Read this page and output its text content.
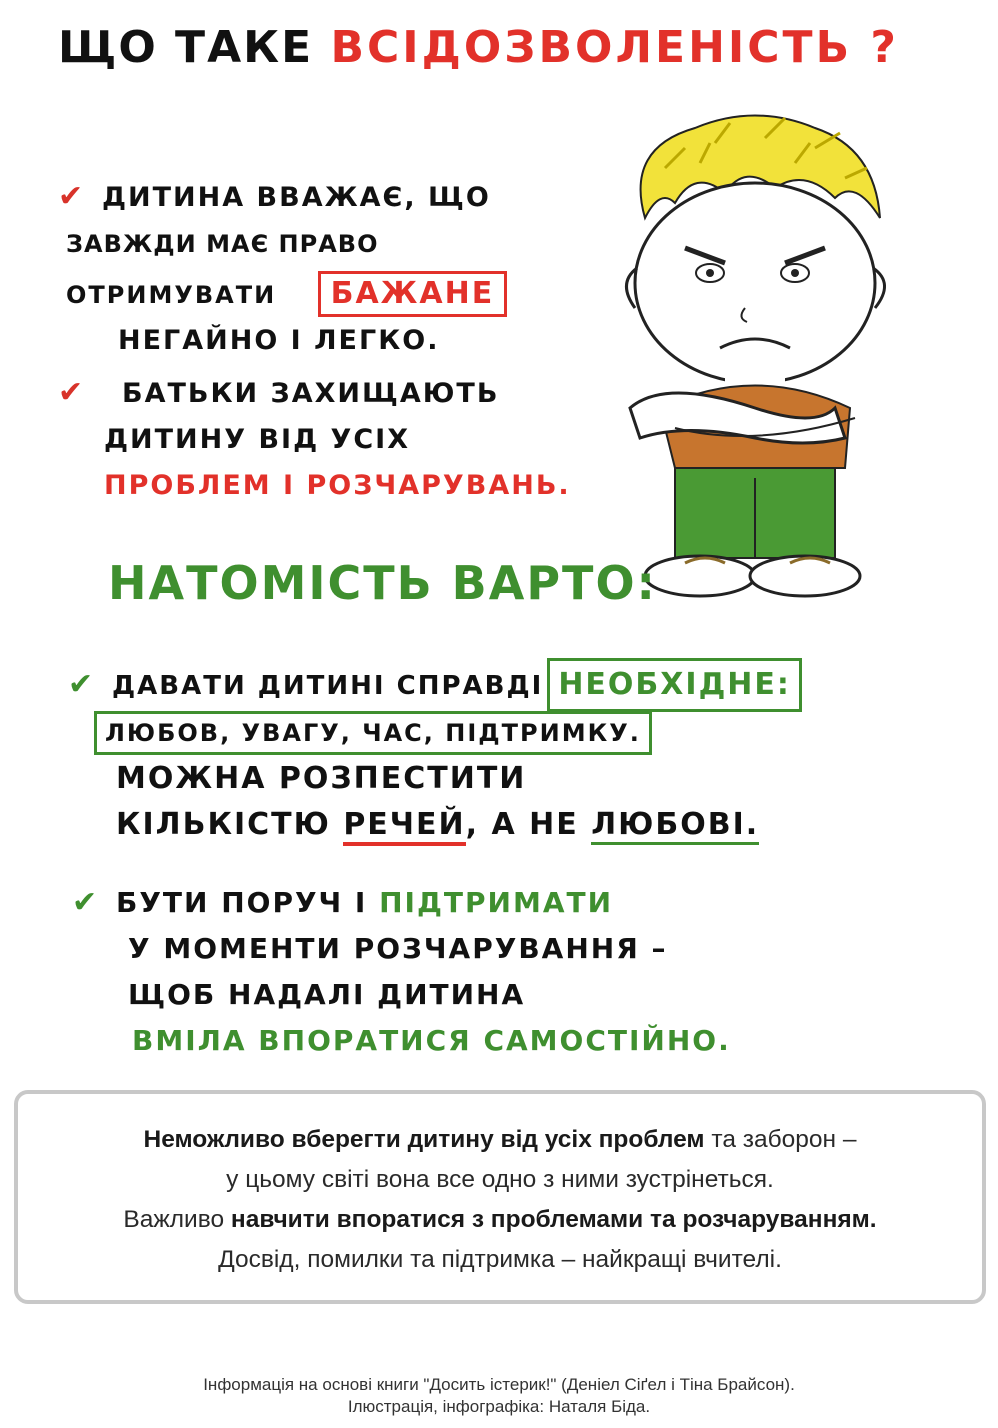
ЩО ТАКЕ ВСІДОЗВОЛЕНІСТЬ ?
✔ ДИТИНА ВВАЖАЄ, ЩО
ЗАВЖДИ МАЄ ПРАВО
ОТРИМУВАТИ БАЖАНЕ
НЕГАЙНО І ЛЕГКО.
✔ БАТЬКИ ЗАХИЩАЮТЬ
ДИТИНУ ВІД УСІХ
ПРОБЛЕМ І РОЗЧАРУВАНЬ.
НАТОМІСТЬ ВАРТО:
✔ ДАВАТИ ДИТИНІ СПРАВДІ НЕОБХІДНЕ:
ЛЮБОВ, УВАГУ, ЧАС, ПІДТРИМКУ.
МОЖНА РОЗПЕСТИТИ
КІЛЬКІСТЮ РЕЧЕЙ, А НЕ ЛЮБОВІ.
✔ БУТИ ПОРУЧ І ПІДТРИМАТИ
У МОМЕНТИ РОЗЧАРУВАННЯ –
ЩОБ НАДАЛІ ДИТИНА
ВМІЛА ВПОРАТИСЯ САМОСТІЙНО.
Неможливо вберегти дитину від усіх проблем та заборон –
у цьому світі вона все одно з ними зустрінеться.
Важливо навчити впоратися з проблемами та розчаруванням.
Досвід, помилки та підтримка – найкращі вчителі.
Інформація на основі книги "Досить істерик!" (Деніел Сіґел і Тіна Брайсон).
Ілюстрація, інфографіка: Наталя Біда.
